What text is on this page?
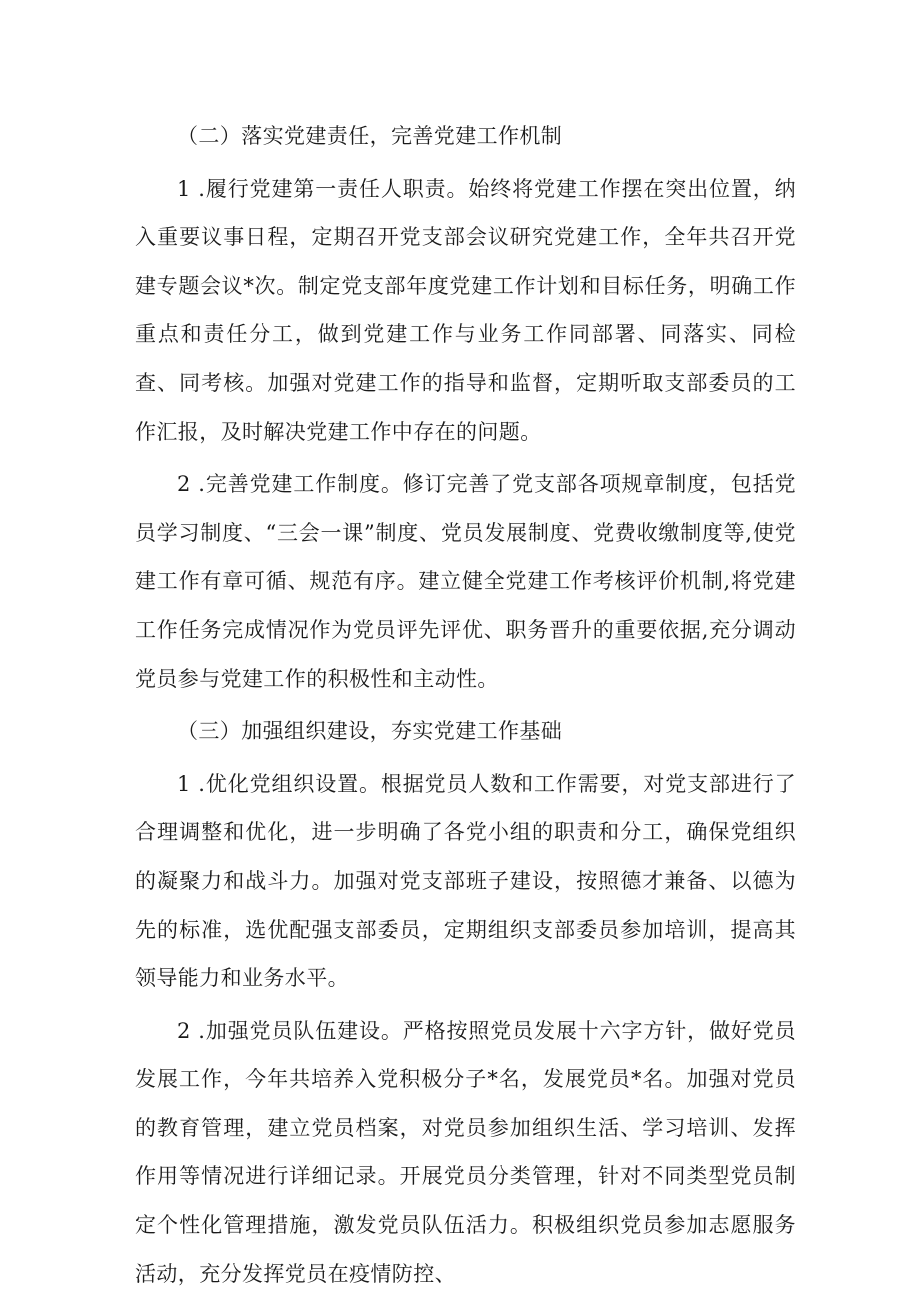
（二）落实党建责任，完善党建工作机制

1 .履行党建第一责任人职责。始终将党建工作摆在突出位置，纳入重要议事日程，定期召开党支部会议研究党建工作，全年共召开党建专题会议*次。制定党支部年度党建工作计划和目标任务，明确工作重点和责任分工，做到党建工作与业务工作同部署、同落实、同检查、同考核。加强对党建工作的指导和监督，定期听取支部委员的工作汇报，及时解决党建工作中存在的问题。

2 .完善党建工作制度。修订完善了党支部各项规章制度，包括党员学习制度、“三会一课”制度、党员发展制度、党费收缴制度等,使党建工作有章可循、规范有序。建立健全党建工作考核评价机制,将党建工作任务完成情况作为党员评先评优、职务晋升的重要依据,充分调动党员参与党建工作的积极性和主动性。

（三）加强组织建设，夯实党建工作基础

1 .优化党组织设置。根据党员人数和工作需要，对党支部进行了合理调整和优化，进一步明确了各党小组的职责和分工，确保党组织的凝聚力和战斗力。加强对党支部班子建设，按照德才兼备、以德为先的标准，选优配强支部委员，定期组织支部委员参加培训，提高其领导能力和业务水平。

2 .加强党员队伍建设。严格按照党员发展十六字方针，做好党员发展工作，今年共培养入党积极分子*名，发展党员*名。加强对党员的教育管理，建立党员档案，对党员参加组织生活、学习培训、发挥作用等情况进行详细记录。开展党员分类管理，针对不同类型党员制定个性化管理措施，激发党员队伍活力。积极组织党员参加志愿服务活动，充分发挥党员在疫情防控、
